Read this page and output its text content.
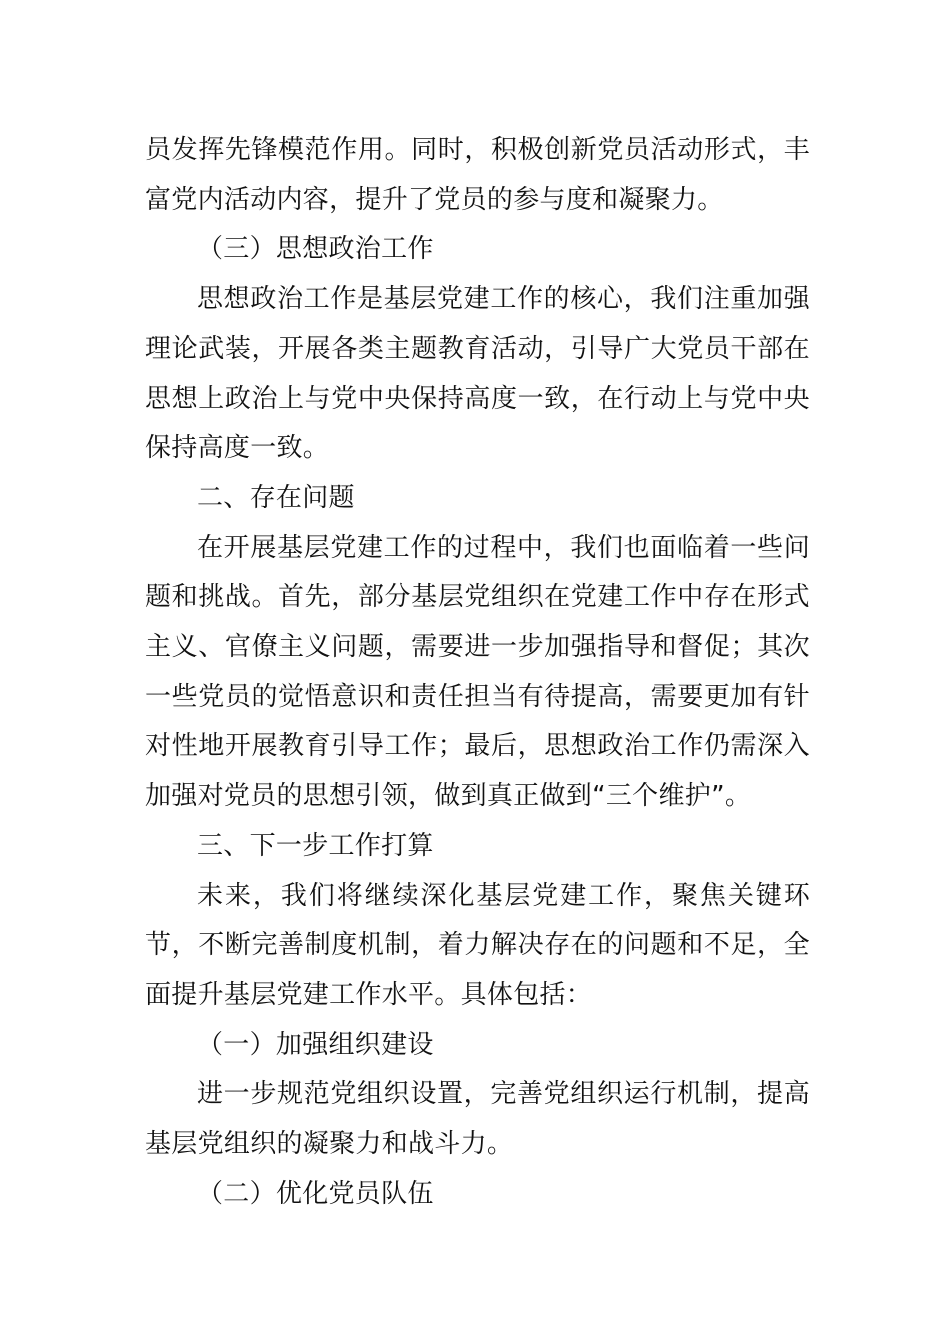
员发挥先锋模范作用。同时，积极创新党员活动形式，丰富党内活动内容，提升了党员的参与度和凝聚力。

（三）思想政治工作

思想政治工作是基层党建工作的核心，我们注重加强理论武装，开展各类主题教育活动，引导广大党员干部在思想上政治上与党中央保持高度一致，在行动上与党中央保持高度一致。

二、存在问题

在开展基层党建工作的过程中，我们也面临着一些问题和挑战。首先，部分基层党组织在党建工作中存在形式主义、官僚主义问题，需要进一步加强指导和督促；其次一些党员的觉悟意识和责任担当有待提高，需要更加有针对性地开展教育引导工作；最后，思想政治工作仍需深入加强对党员的思想引领，做到真正做到“三个维护”。

三、下一步工作打算

未来，我们将继续深化基层党建工作，聚焦关键环节，不断完善制度机制，着力解决存在的问题和不足，全面提升基层党建工作水平。具体包括：

（一）加强组织建设

进一步规范党组织设置，完善党组织运行机制，提高基层党组织的凝聚力和战斗力。

（二）优化党员队伍
